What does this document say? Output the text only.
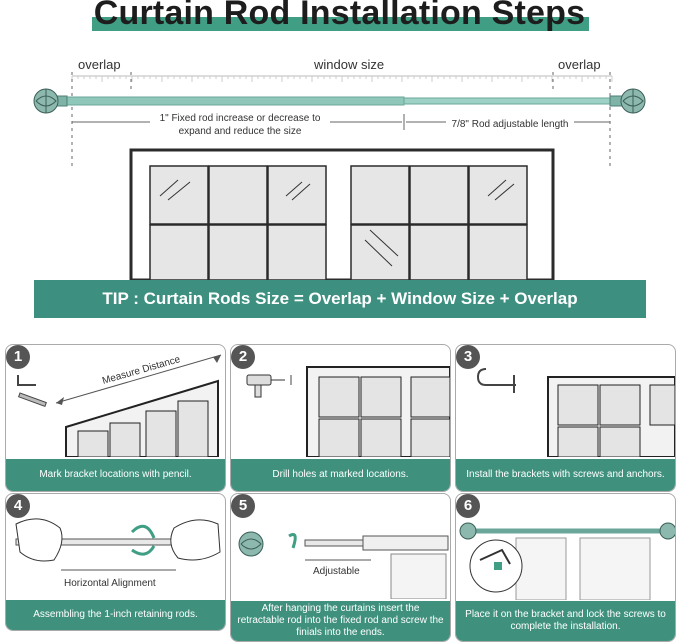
Curtain Rod Installation Steps
overlap	window size	overlap
1" Fixed rod increase or decrease to expand and reduce the size
7/8" Rod adjustable length
TIP : Curtain Rods Size = Overlap + Window Size + Overlap
Measure Distance
1
Mark bracket locations with pencil.
2
Drill holes at marked locations.
3
Install the brackets with screws and anchors.
Horizontal Alignment
4
Assembling the 1-inch retaining rods.
Adjustable
5
After hanging the curtains insert the retractable rod into the fixed rod and screw the finials into the ends.
6
Place it on the bracket and lock the screws to complete the installation.
